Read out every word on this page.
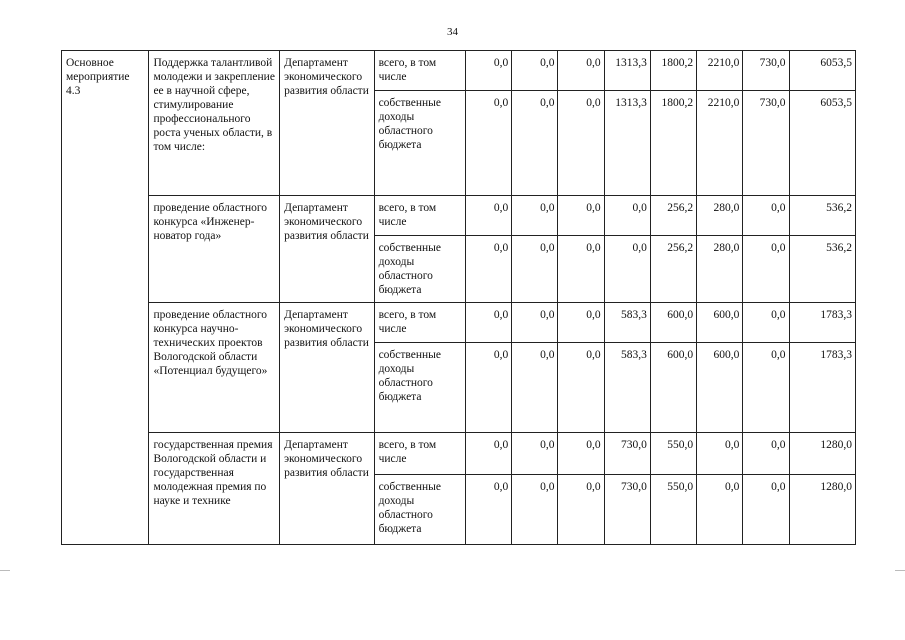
34
Основное мероприятие 4.3	Поддержка талантливой молодежи и закрепление ее в научной сфере, стимулирование профессионального роста ученых области, в том числе:	Департамент экономического развития области	всего, в том числе	0,0	0,0	0,0	1313,3	1800,2	2210,0	730,0	6053,5
			собственные доходы областного бюджета	0,0	0,0	0,0	1313,3	1800,2	2210,0	730,0	6053,5
	проведение областного конкурса «Инженер-новатор года»	Департамент экономического развития области	всего, в том числе	0,0	0,0	0,0	0,0	256,2	280,0	0,0	536,2
			собственные доходы областного бюджета	0,0	0,0	0,0	0,0	256,2	280,0	0,0	536,2
	проведение областного конкурса научно-технических проектов Вологодской области «Потенциал будущего»	Департамент экономического развития области	всего, в том числе	0,0	0,0	0,0	583,3	600,0	600,0	0,0	1783,3
			собственные доходы областного бюджета	0,0	0,0	0,0	583,3	600,0	600,0	0,0	1783,3
	государственная премия Вологодской области и государственная молодежная премия по науке и технике	Департамент экономического развития области	всего, в том числе	0,0	0,0	0,0	730,0	550,0	0,0	0,0	1280,0
			собственные доходы областного бюджета	0,0	0,0	0,0	730,0	550,0	0,0	0,0	1280,0
